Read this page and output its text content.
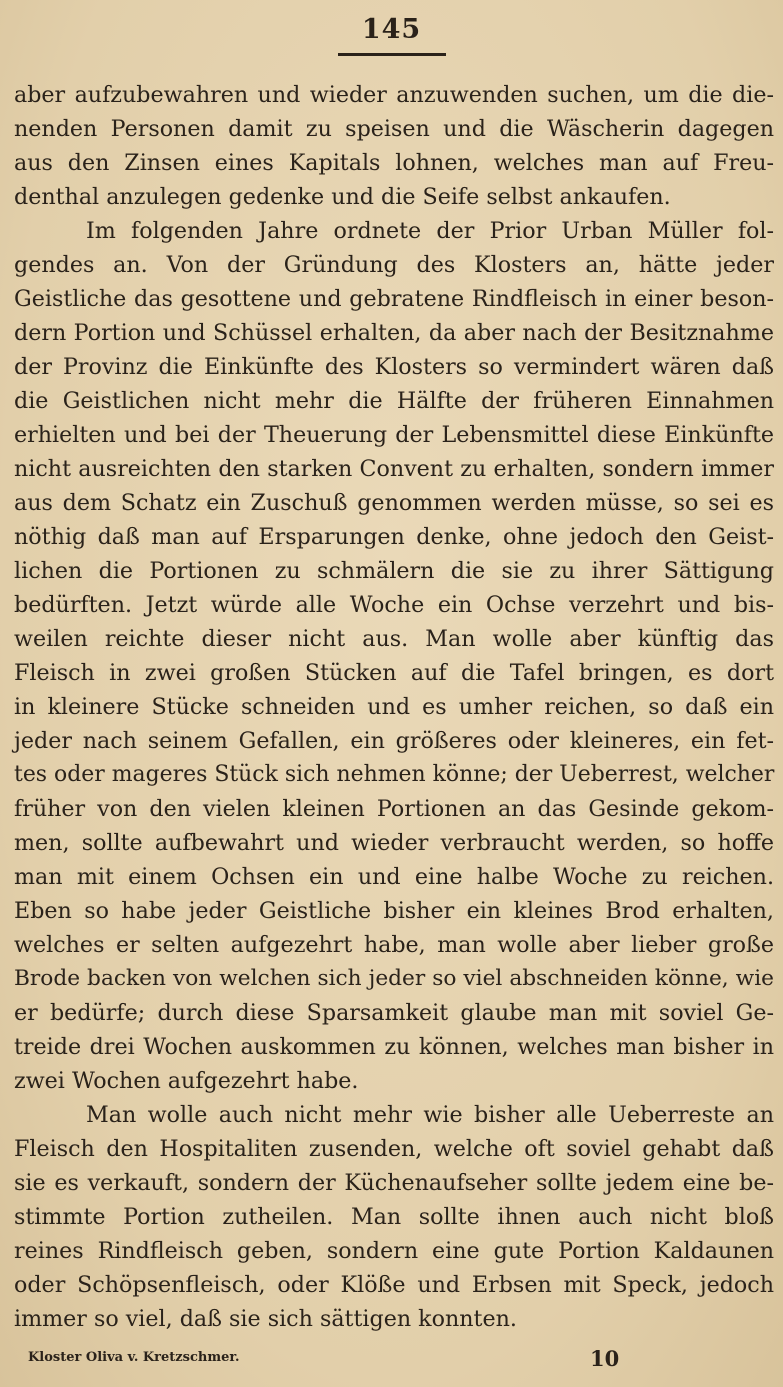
145
aber aufzubewahren und wieder anzuwenden suchen, um die die-
nenden Personen damit zu speisen und die Wäscherin dagegen
aus den Zinsen eines Kapitals lohnen, welches man auf Freu-
denthal anzulegen gedenke und die Seife selbst ankaufen.
Im folgenden Jahre ordnete der Prior Urban Müller fol-
gendes an. Von der Gründung des Klosters an, hätte jeder
Geistliche das gesottene und gebratene Rindfleisch in einer beson-
dern Portion und Schüssel erhalten, da aber nach der Besitznahme
der Provinz die Einkünfte des Klosters so vermindert wären daß
die Geistlichen nicht mehr die Hälfte der früheren Einnahmen
erhielten und bei der Theuerung der Lebensmittel diese Einkünfte
nicht ausreichten den starken Convent zu erhalten, sondern immer
aus dem Schatz ein Zuschuß genommen werden müsse, so sei es
nöthig daß man auf Ersparungen denke, ohne jedoch den Geist-
lichen die Portionen zu schmälern die sie zu ihrer Sättigung
bedürften. Jetzt würde alle Woche ein Ochse verzehrt und bis-
weilen reichte dieser nicht aus. Man wolle aber künftig das
Fleisch in zwei großen Stücken auf die Tafel bringen, es dort
in kleinere Stücke schneiden und es umher reichen, so daß ein
jeder nach seinem Gefallen, ein größeres oder kleineres, ein fet-
tes oder mageres Stück sich nehmen könne; der Ueberrest, welcher
früher von den vielen kleinen Portionen an das Gesinde gekom-
men, sollte aufbewahrt und wieder verbraucht werden, so hoffe
man mit einem Ochsen ein und eine halbe Woche zu reichen.
Eben so habe jeder Geistliche bisher ein kleines Brod erhalten,
welches er selten aufgezehrt habe, man wolle aber lieber große
Brode backen von welchen sich jeder so viel abschneiden könne, wie
er bedürfe; durch diese Sparsamkeit glaube man mit soviel Ge-
treide drei Wochen auskommen zu können, welches man bisher in
zwei Wochen aufgezehrt habe.
Man wolle auch nicht mehr wie bisher alle Ueberreste an
Fleisch den Hospitaliten zusenden, welche oft soviel gehabt daß
sie es verkauft, sondern der Küchenaufseher sollte jedem eine be-
stimmte Portion zutheilen. Man sollte ihnen auch nicht bloß
reines Rindfleisch geben, sondern eine gute Portion Kaldaunen
oder Schöpsenfleisch, oder Klöße und Erbsen mit Speck, jedoch
immer so viel, daß sie sich sättigen konnten.
Kloster Oliva v. Kretzschmer.	10
